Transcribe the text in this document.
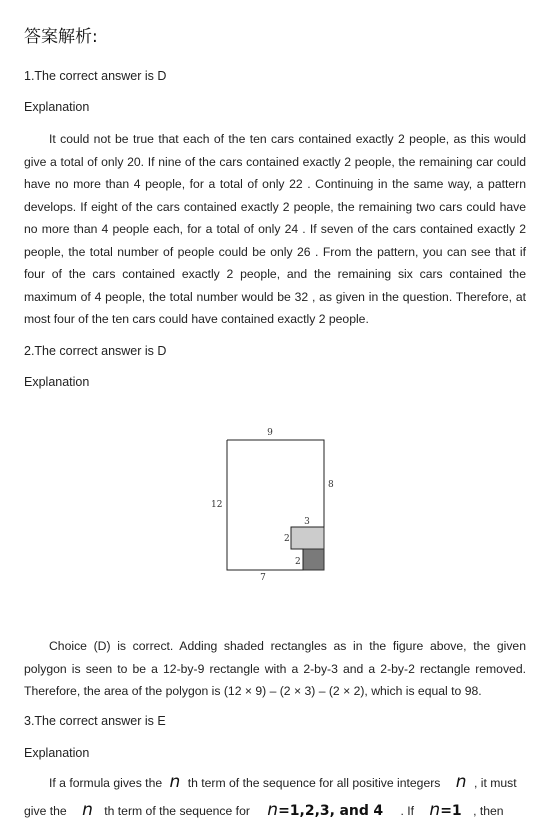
答案解析:
1.The correct answer is D
Explanation

It could not be true that each of the ten cars contained exactly 2 people, as this would give a total of only 20. If nine of the cars contained exactly 2 people, the remaining car could have no more than 4 people, for a total of only 22 . Continuing in the same way, a pattern develops. If eight of the cars contained exactly 2 people, the remaining two cars could have no more than 4 people each, for a total of only 24 . If seven of the cars contained exactly 2 people, the total number of people could be only 26 . From the pattern, you can see that if four of the cars contained exactly 2 people, and the remaining six cars contained the maximum of 4 people, the total number would be 32 , as given in the question. Therefore, at most four of the ten cars could have contained exactly 2 people.

2.The correct answer is D
Explanation
9
8
12
7
3
2
2

Choice (D) is correct. Adding shaded rectangles as in the figure above, the given polygon is seen to be a 12-by-9 rectangle with a 2-by-3 and a 2-by-2 rectangle removed. Therefore, the area of the polygon is (12 × 9) – (2 × 3) – (2 × 2), which is equal to 98.

3.The correct answer is E
Explanation
If a formula gives the n th term of the sequence for all positive integers n , it must
give the n th term of the sequence for n=1,2,3, and 4 . If n=1 , then
